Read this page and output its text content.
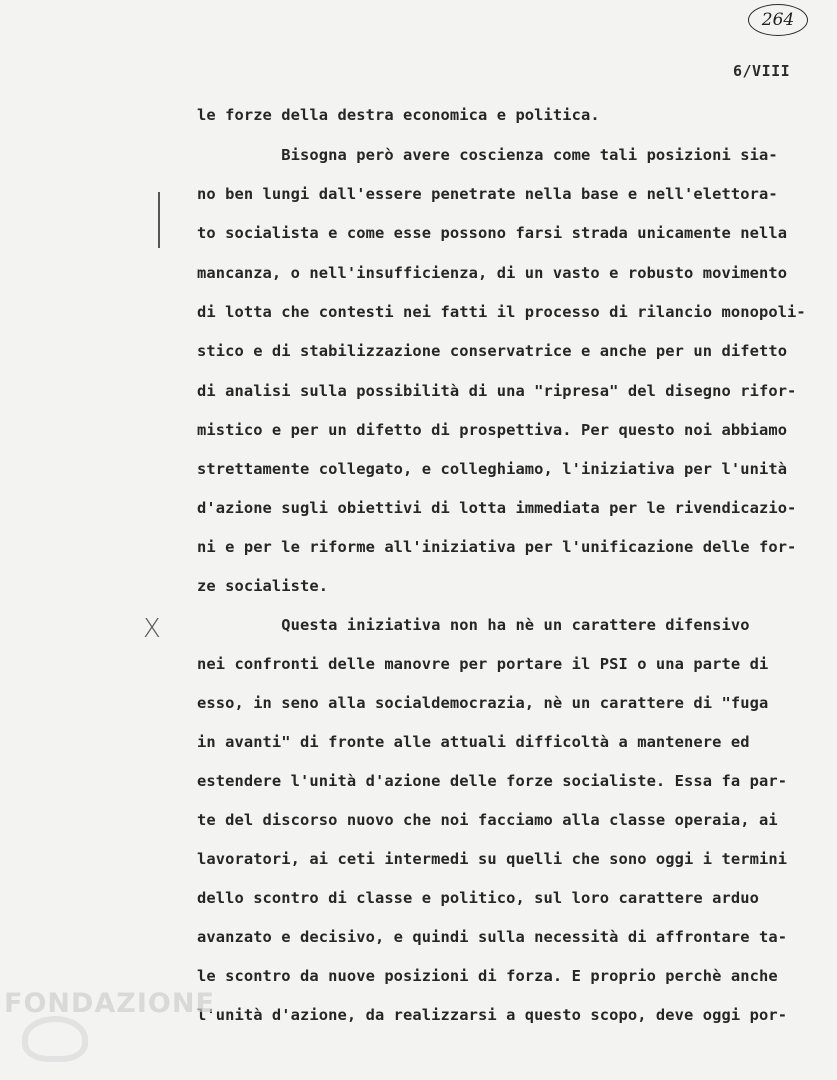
264
6/VIII
X
le forze della destra economica e politica.
Bisogna però avere coscienza come tali posizioni sia-
no ben lungi dall'essere penetrate nella base e nell'elettora-
to socialista e come esse possono farsi strada unicamente nella
mancanza, o nell'insufficienza, di un vasto e robusto movimento
di lotta che contesti nei fatti il processo di rilancio monopoli-
stico e di stabilizzazione conservatrice e anche per un difetto
di analisi sulla possibilità di una "ripresa" del disegno rifor-
mistico e per un difetto di prospettiva. Per questo noi abbiamo
strettamente collegato, e colleghiamo, l'iniziativa per l'unità
d'azione sugli obiettivi di lotta immediata per le rivendicazio-
ni e per le riforme all'iniziativa per l'unificazione delle for-
ze socialiste.
Questa iniziativa non ha nè un carattere difensivo
nei confronti delle manovre per portare il PSI o una parte di
esso, in seno alla socialdemocrazia, nè un carattere di "fuga
in avanti" di fronte alle attuali difficoltà a mantenere ed
estendere l'unità d'azione delle forze socialiste. Essa fa par-
te del discorso nuovo che noi facciamo alla classe operaia, ai
lavoratori, ai ceti intermedi su quelli che sono oggi i termini
dello scontro di classe e politico, sul loro carattere arduo
avanzato e decisivo, e quindi sulla necessità di affrontare ta-
le scontro da nuove posizioni di forza. E proprio perchè anche
l'unità d'azione, da realizzarsi a questo scopo, deve oggi por-
FONDAZIONE
